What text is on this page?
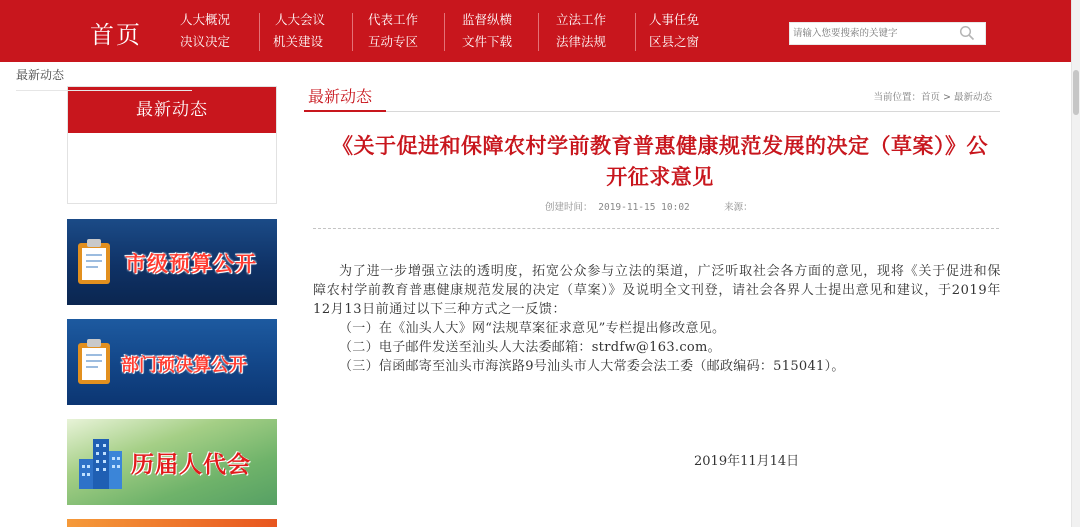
首页
人大概况
决议决定
人大会议
机关建设
代表工作
互动专区
监督纵横
文件下载
立法工作
法律法规
人事任免
区县之窗
请输入您要搜索的关键字
最新动态
最新动态
市级预算公开
部门预决算公开
历届人代会
最新动态	当前位置：首页 > 最新动态
《关于促进和保障农村学前教育普惠健康规范发展的决定（草案）》公开征求意见
创建时间： 2019-11-15 10:02	来源：

为了进一步增强立法的透明度，拓宽公众参与立法的渠道，广泛听取社会各方面的意见，现将《关于促进和保障农村学前教育普惠健康规范发展的决定（草案）》及说明全文刊登，请社会各界人士提出意见和建议，于2019年12月13日前通过以下三种方式之一反馈：

（一）在《汕头人大》网“法规草案征求意见”专栏提出修改意见。

（二）电子邮件发送至汕头人大法委邮箱：strdfw@163.com。

（三）信函邮寄至汕头市海滨路9号汕头市人大常委会法工委（邮政编码：515041）。

2019年11月14日
